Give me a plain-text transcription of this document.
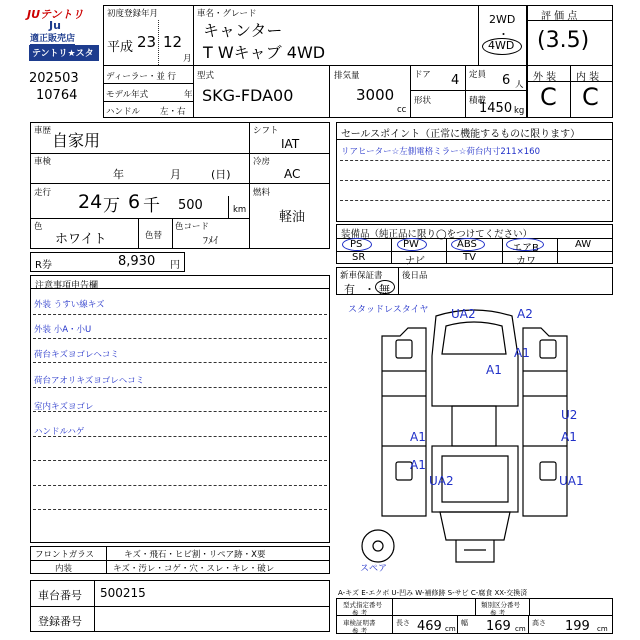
JUテントリ
Ju
適正販売店
テントリ★スター
202503
10764
初度登録年月
平成 23 12
月
車名・グレード
キャンター
T Wキャブ 4WD
2WD
・
4WD
評 価 点
(3.5)
外 装 内 装
C C
ディーラー・並 行
モデル年式	年
ハンドル 左・右
型式
SKG-FDA00
排気量
3000
cc
ドア 4
形状
定員 6 人
積載
1450 kg
車歴 自家用
車検
年	月	(日)
走行 24 万 6 千 500	km
色
ホワイト	色替
色コード
ﾌﾒｲ
シフト
IAT
冷房
AC
燃料
軽油
R券	8,930 円
セールスポイント（正常に機能するものに限ります）
リアヒーター☆左側電格ミラー☆荷台内寸211×160
装備品（純正品に限り◯をつけてください）
PS	PW	ABS	エアB	AW
SR	ナビ	TV	カワ
新車保証書
有 ・ 無
後日品
注意事項申告欄
外装 うすい線キズ
外装 小A・小U
荷台キズヨゴレヘコミ
荷台アオリキズヨゴレヘコミ
室内キズヨゴレ
ハンドルハゲ
スタッドレスタイヤ
スペア
UA2	A2
A1
A1
U2
A1
A1
A1
UA2	UA1
フロントガラス	キズ・飛石・ヒビ割・リペア跡・X要
内装	キズ・汚レ・コゲ・穴・スレ・キレ・破レ
車台番号 500215
登録番号
A-キズ E-エクボ U-凹み W-補修跡 S-サビ C-腐食 XX-交換済
型式指定番号
参 考
類別区分番号
参 考
車検証明書
参 考
長さ 469 cm
幅 169 cm
高さ 199 cm
